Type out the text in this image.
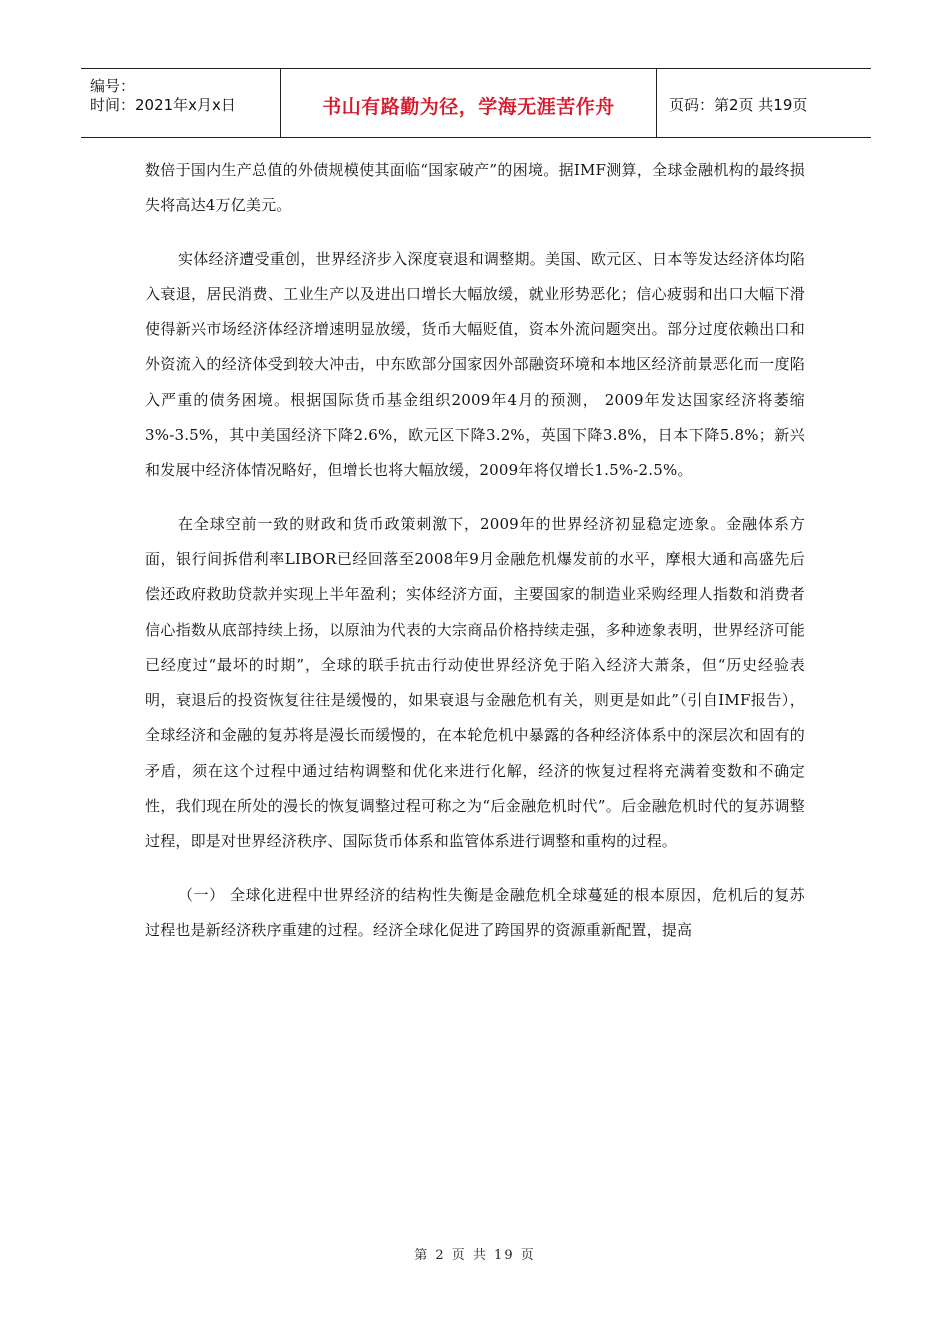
编号：
时间：2021年x月x日	书山有路勤为径，学海无涯苦作舟	页码：第2页 共19页

数倍于国内生产总值的外债规模使其面临“国家破产”的困境。据IMF测算，全球金融机构的最终损失将高达4万亿美元。

实体经济遭受重创，世界经济步入深度衰退和调整期。美国、欧元区、日本等发达经济体均陷入衰退，居民消费、工业生产以及进出口增长大幅放缓，就业形势恶化；信心疲弱和出口大幅下滑使得新兴市场经济体经济增速明显放缓，货币大幅贬值，资本外流问题突出。部分过度依赖出口和外资流入的经济体受到较大冲击，中东欧部分国家因外部融资环境和本地区经济前景恶化而一度陷入严重的债务困境。根据国际货币基金组织2009年4月的预测， 2009年发达国家经济将萎缩3%-3.5%，其中美国经济下降2.6%，欧元区下降3.2%，英国下降3.8%，日本下降5.8%；新兴和发展中经济体情况略好，但增长也将大幅放缓，2009年将仅增长1.5%-2.5%。

在全球空前一致的财政和货币政策刺激下，2009年的世界经济初显稳定迹象。金融体系方面，银行间拆借利率LIBOR已经回落至2008年9月金融危机爆发前的水平，摩根大通和高盛先后偿还政府救助贷款并实现上半年盈利；实体经济方面，主要国家的制造业采购经理人指数和消费者信心指数从底部持续上扬，以原油为代表的大宗商品价格持续走强，多种迹象表明，世界经济可能已经度过“最坏的时期”，全球的联手抗击行动使世界经济免于陷入经济大萧条，但“历史经验表明，衰退后的投资恢复往往是缓慢的，如果衰退与金融危机有关，则更是如此”（引自IMF报告），全球经济和金融的复苏将是漫长而缓慢的，在本轮危机中暴露的各种经济体系中的深层次和固有的矛盾，须在这个过程中通过结构调整和优化来进行化解，经济的恢复过程将充满着变数和不确定性，我们现在所处的漫长的恢复调整过程可称之为“后金融危机时代”。后金融危机时代的复苏调整过程，即是对世界经济秩序、国际货币体系和监管体系进行调整和重构的过程。

（一） 全球化进程中世界经济的结构性失衡是金融危机全球蔓延的根本原因，危机后的复苏过程也是新经济秩序重建的过程。经济全球化促进了跨国界的资源重新配置，提高

第 2 页 共 19 页
